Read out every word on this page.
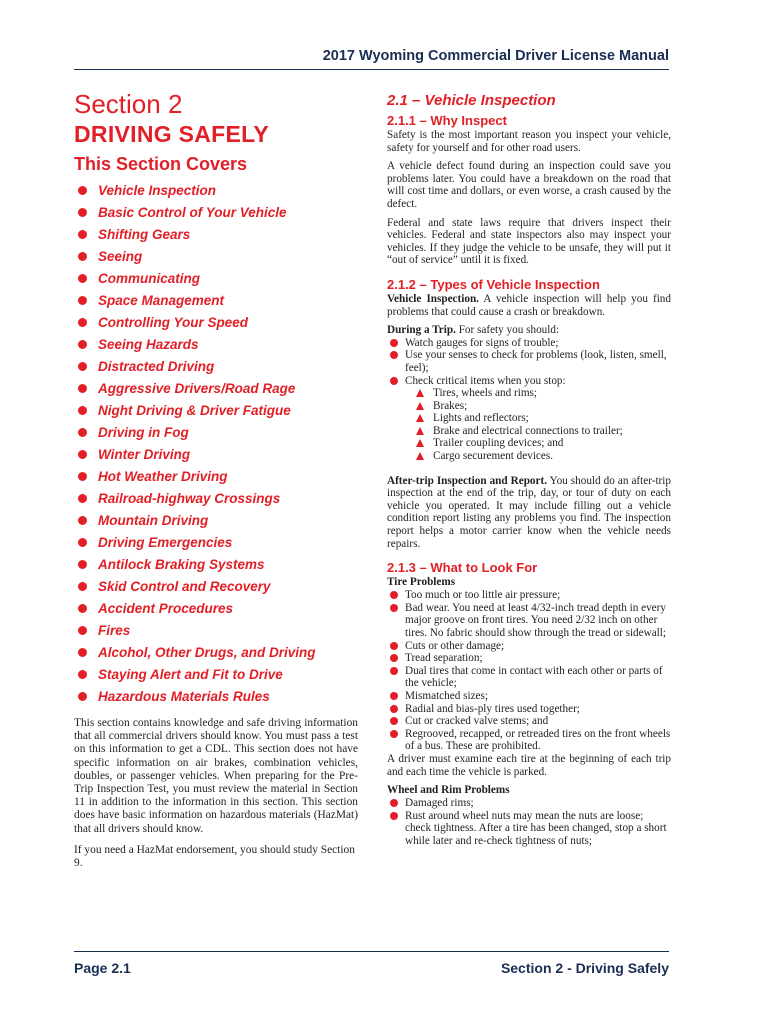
2017 Wyoming Commercial Driver License Manual
Section 2
DRIVING SAFELY
This Section Covers
Vehicle Inspection
Basic Control of Your Vehicle
Shifting Gears
Seeing
Communicating
Space Management
Controlling Your Speed
Seeing Hazards
Distracted Driving
Aggressive Drivers/Road Rage
Night Driving & Driver Fatigue
Driving in Fog
Winter Driving
Hot Weather Driving
Railroad-highway Crossings
Mountain Driving
Driving Emergencies
Antilock Braking Systems
Skid Control and Recovery
Accident Procedures
Fires
Alcohol, Other Drugs, and Driving
Staying Alert and Fit to Drive
Hazardous Materials Rules

This section contains knowledge and safe driving information that all commercial drivers should know. You must pass a test on this information to get a CDL. This section does not have specific information on air brakes, combination vehicles, doubles, or passenger vehicles. When preparing for the Pre-Trip Inspection Test, you must review the material in Section 11 in addition to the information in this section. This section does have basic information on hazardous materials (HazMat) that all drivers should know.

If you need a HazMat endorsement, you should study Section 9.

2.1 – Vehicle Inspection
2.1.1 – Why Inspect

Safety is the most important reason you inspect your vehicle, safety for yourself and for other road users.

A vehicle defect found during an inspection could save you problems later. You could have a breakdown on the road that will cost time and dollars, or even worse, a crash caused by the defect.

Federal and state laws require that drivers inspect their vehicles. Federal and state inspectors also may inspect your vehicles. If they judge the vehicle to be unsafe, they will put it “out of service” until it is fixed.

2.1.2 – Types of Vehicle Inspection

Vehicle Inspection. A vehicle inspection will help you find problems that could cause a crash or breakdown.

During a Trip. For safety you should:

Watch gauges for signs of trouble;
Use your senses to check for problems (look, listen, smell, feel);
Check critical items when you stop:
Tires, wheels and rims;
Brakes;
Lights and reflectors;
Brake and electrical connections to trailer;
Trailer coupling devices; and
Cargo securement devices.

After-trip Inspection and Report. You should do an after-trip inspection at the end of the trip, day, or tour of duty on each vehicle you operated. It may include filling out a vehicle condition report listing any problems you find. The inspection report helps a motor carrier know when the vehicle needs repairs.

2.1.3 – What to Look For
Tire Problems
Too much or too little air pressure;
Bad wear. You need at least 4/32-inch tread depth in every major groove on front tires. You need 2/32 inch on other tires. No fabric should show through the tread or sidewall;
Cuts or other damage;
Tread separation;
Dual tires that come in contact with each other or parts of the vehicle;
Mismatched sizes;
Radial and bias-ply tires used together;
Cut or cracked valve stems; and
Regrooved, recapped, or retreaded tires on the front wheels of a bus. These are prohibited.

A driver must examine each tire at the beginning of each trip and each time the vehicle is parked.

Wheel and Rim Problems
Damaged rims;
Rust around wheel nuts may mean the nuts are loose; check tightness. After a tire has been changed, stop a short while later and re-check tightness of nuts;
Page 2.1	Section 2 - Driving Safely
